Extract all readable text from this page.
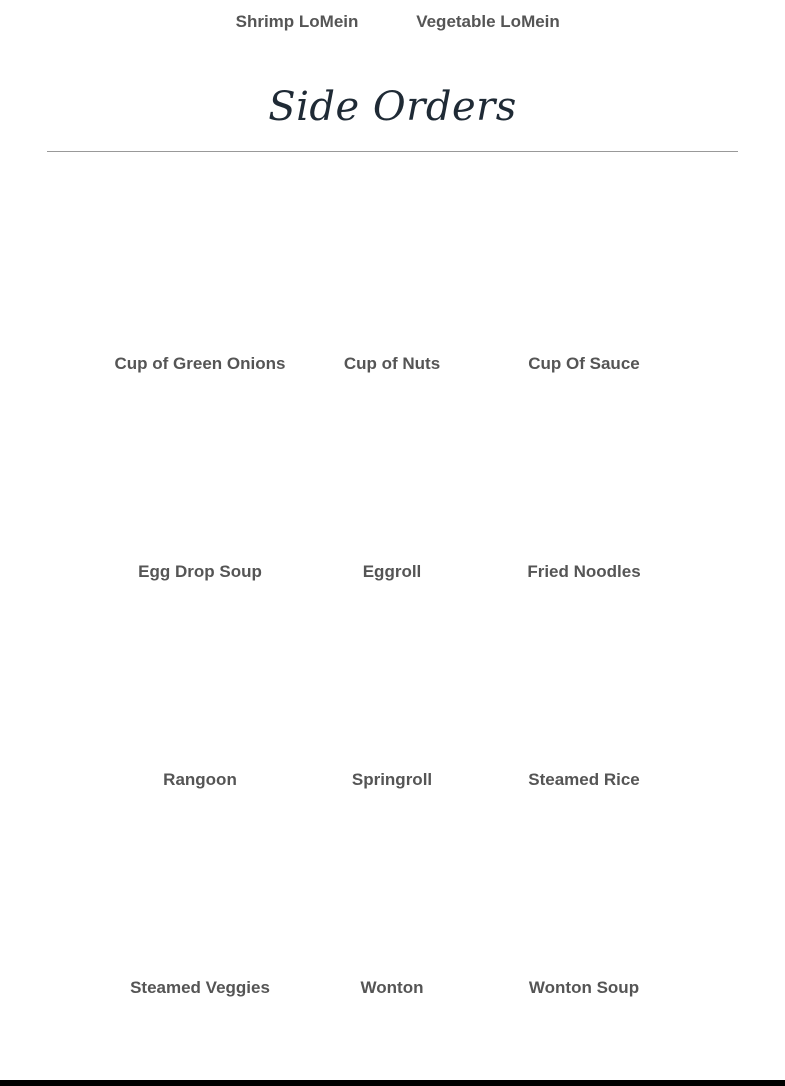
Shrimp LoMein	Vegetable LoMein
Side Orders
Cup of Green Onions	Cup of Nuts	Cup Of Sauce
Egg Drop Soup	Eggroll	Fried Noodles
Rangoon	Springroll	Steamed Rice
Steamed Veggies	Wonton	Wonton Soup
